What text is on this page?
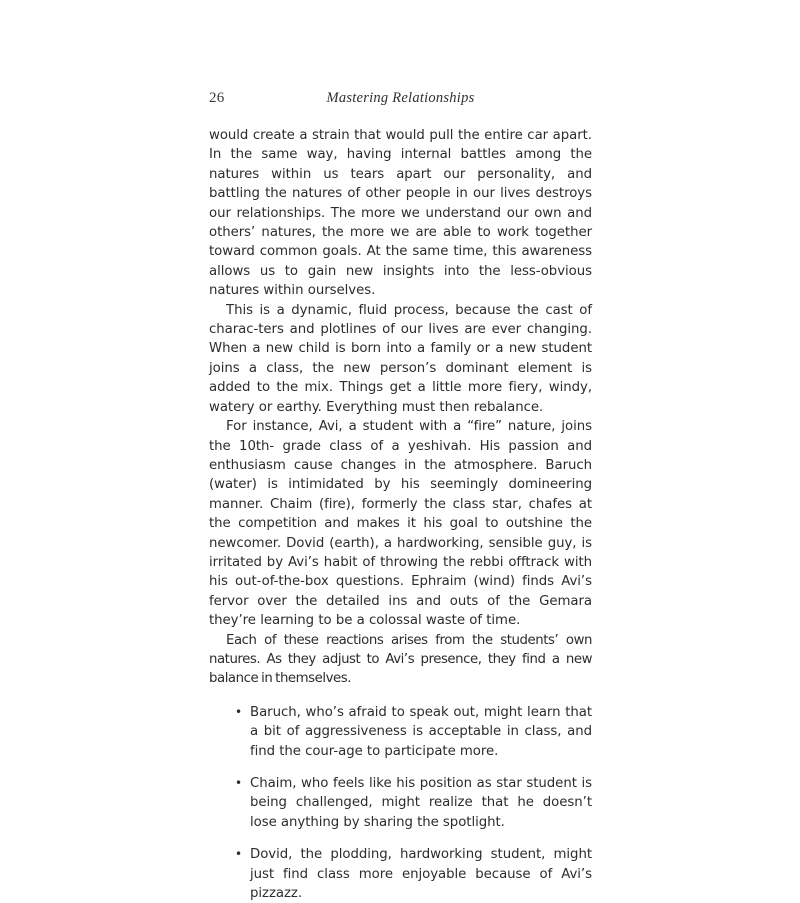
26	Mastering Relationships

would create a strain that would pull the entire car apart. In the same way, having internal battles among the natures within us tears apart our personality, and battling the natures of other people in our lives destroys our relationships. The more we understand our own and others’ natures, the more we are able to work together toward common goals. At the same time, this awareness allows us to gain new insights into the less-obvious natures within ourselves.

This is a dynamic, fluid process, because the cast of charac-ters and plotlines of our lives are ever changing. When a new child is born into a family or a new student joins a class, the new person’s dominant element is added to the mix. Things get a little more fiery, windy, watery or earthy. Everything must then rebalance.

For instance, Avi, a student with a “fire” nature, joins the 10th- grade class of a yeshivah. His passion and enthusiasm cause changes in the atmosphere. Baruch (water) is intimidated by his seemingly domineering manner. Chaim (fire), formerly the class star, chafes at the competition and makes it his goal to outshine the newcomer. Dovid (earth), a hardworking, sensible guy, is irritated by Avi’s habit of throwing the rebbi offtrack with his out-of-the-box questions. Ephraim (wind) finds Avi’s fervor over the detailed ins and outs of the Gemara they’re learning to be a colossal waste of time.

Each of these reactions arises from the students’ own natures. As they adjust to Avi’s presence, they find a new balance in themselves.

• Baruch, who’s afraid to speak out, might learn that a bit of aggressiveness is acceptable in class, and find the cour-age to participate more.
• Chaim, who feels like his position as star student is being challenged, might realize that he doesn’t lose anything by sharing the spotlight.
• Dovid, the plodding, hardworking student, might just find class more enjoyable because of Avi’s pizzazz.
